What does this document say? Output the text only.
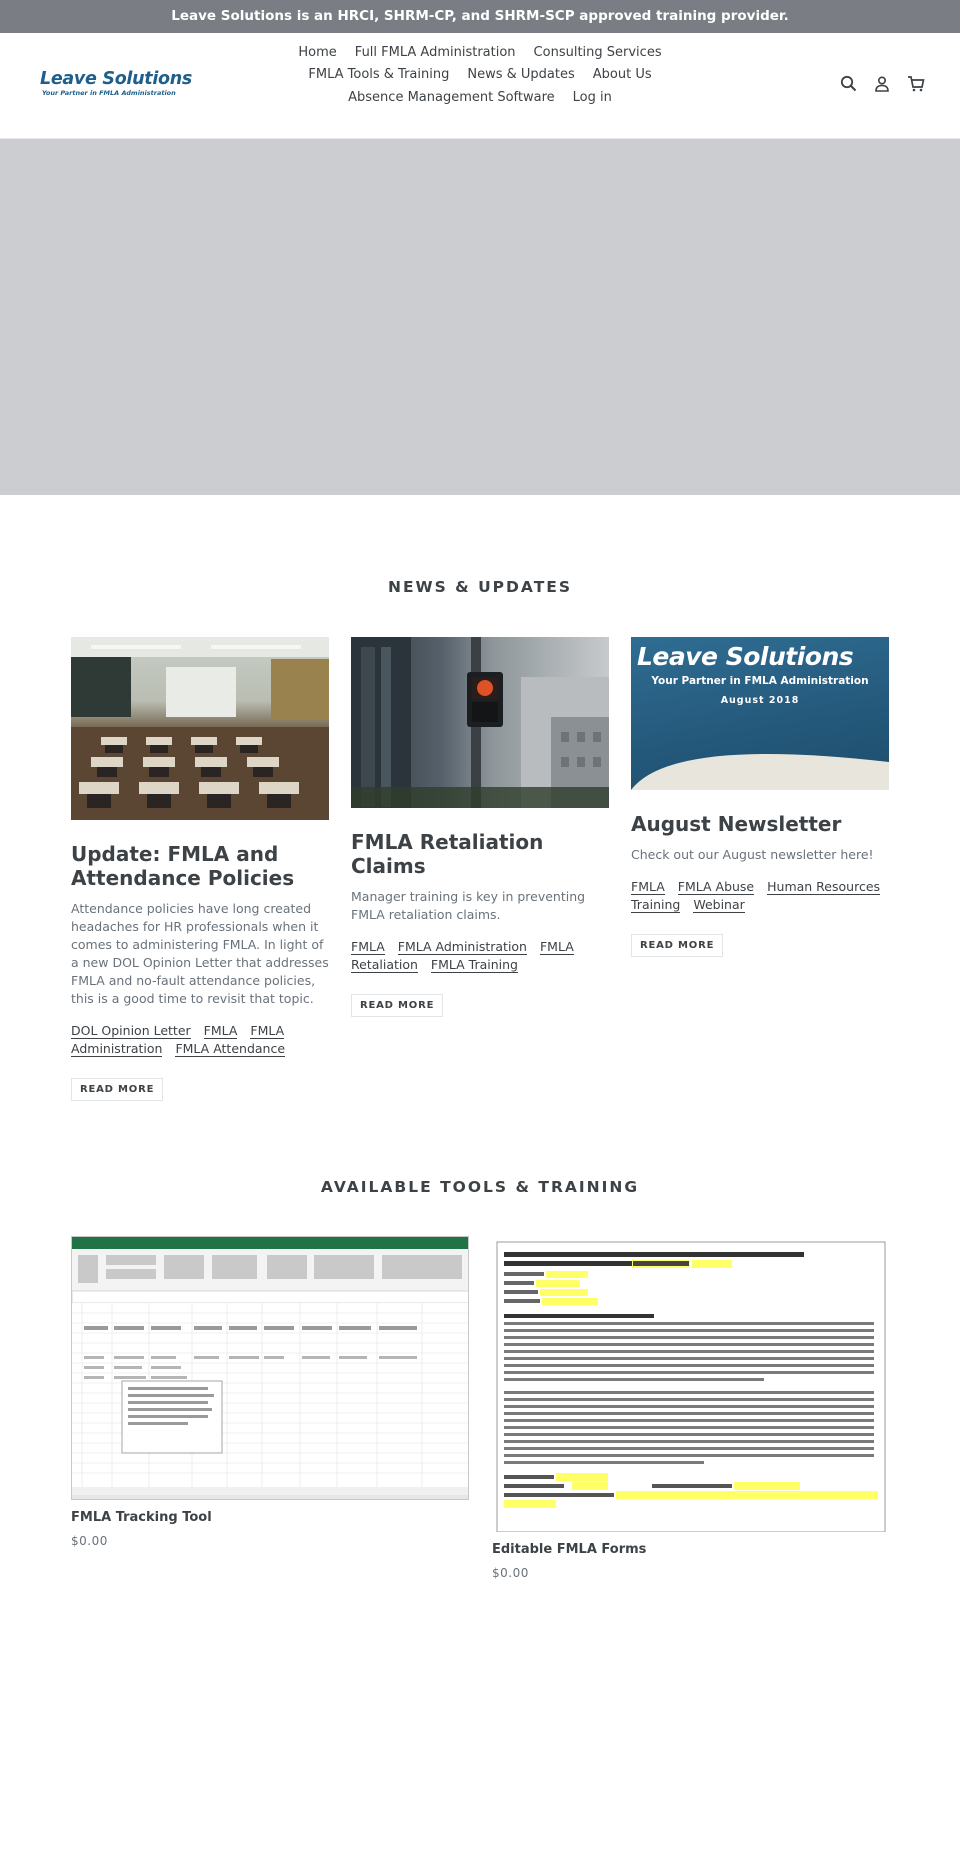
Leave Solutions is an HRCI, SHRM-CP, and SHRM-SCP approved training provider.
Leave Solutions
Your Partner in FMLA Administration
Home	Full FMLA Administration	Consulting Services
FMLA Tools & Training	News & Updates	About Us
Absence Management Software	Log in
NEWS & UPDATES
Update: FMLA and Attendance Policies

Attendance policies have long created headaches for HR professionals when it comes to administering FMLA. In light of a new DOL Opinion Letter that addresses FMLA and no-fault attendance policies, this is a good time to revisit that topic.

DOL Opinion Letter FMLA FMLA Administration FMLA Attendance
READ MORE
FMLA Retaliation Claims

Manager training is key in preventing FMLA retaliation claims.

FMLA FMLA Administration FMLA Retaliation FMLA Training
READ MORE
Leave Solutions
Your Partner in FMLA Administration
August 2018
August Newsletter

Check out our August newsletter here!

FMLA FMLA Abuse Human Resources Training Webinar
READ MORE
AVAILABLE TOOLS & TRAINING
FMLA Tracking Tool
$0.00
Editable FMLA Forms
$0.00
